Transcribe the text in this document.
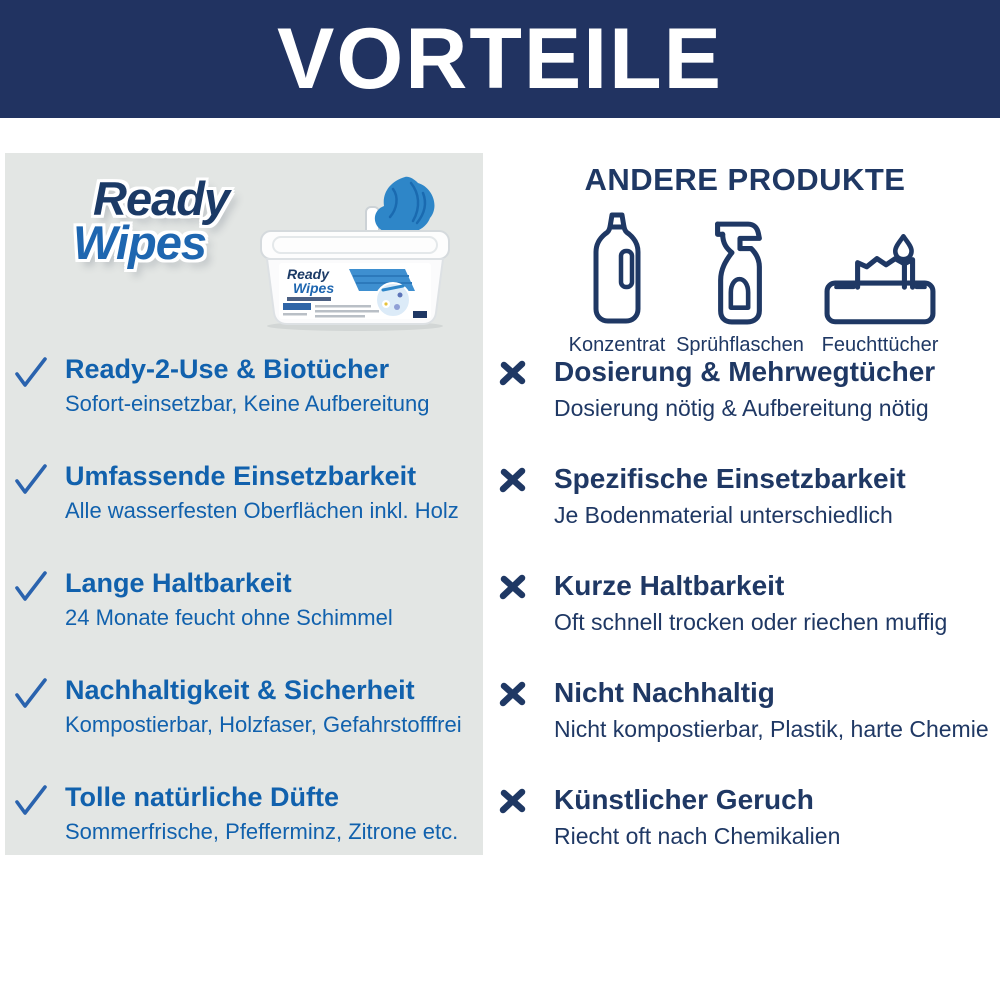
VORTEILE
Ready
Wipes
Ready
Wipes
Ready-2-Use & Biotücher
Sofort-einsetzbar, Keine Aufbereitung
Umfassende Einsetzbarkeit
Alle wasserfesten Oberflächen inkl. Holz
Lange Haltbarkeit
24 Monate feucht ohne Schimmel
Nachhaltigkeit & Sicherheit
Kompostierbar, Holzfaser, Gefahrstofffrei
Tolle natürliche Düfte
Sommerfrische, Pfefferminz, Zitrone etc.
ANDERE PRODUKTE
Konzentrat Sprühflaschen Feuchttücher
Dosierung & Mehrwegtücher
Dosierung nötig & Aufbereitung nötig
Spezifische Einsetzbarkeit
Je Bodenmaterial unterschiedlich
Kurze Haltbarkeit
Oft schnell trocken oder riechen muffig
Nicht Nachhaltig
Nicht kompostierbar, Plastik, harte Chemie
Künstlicher Geruch
Riecht oft nach Chemikalien
